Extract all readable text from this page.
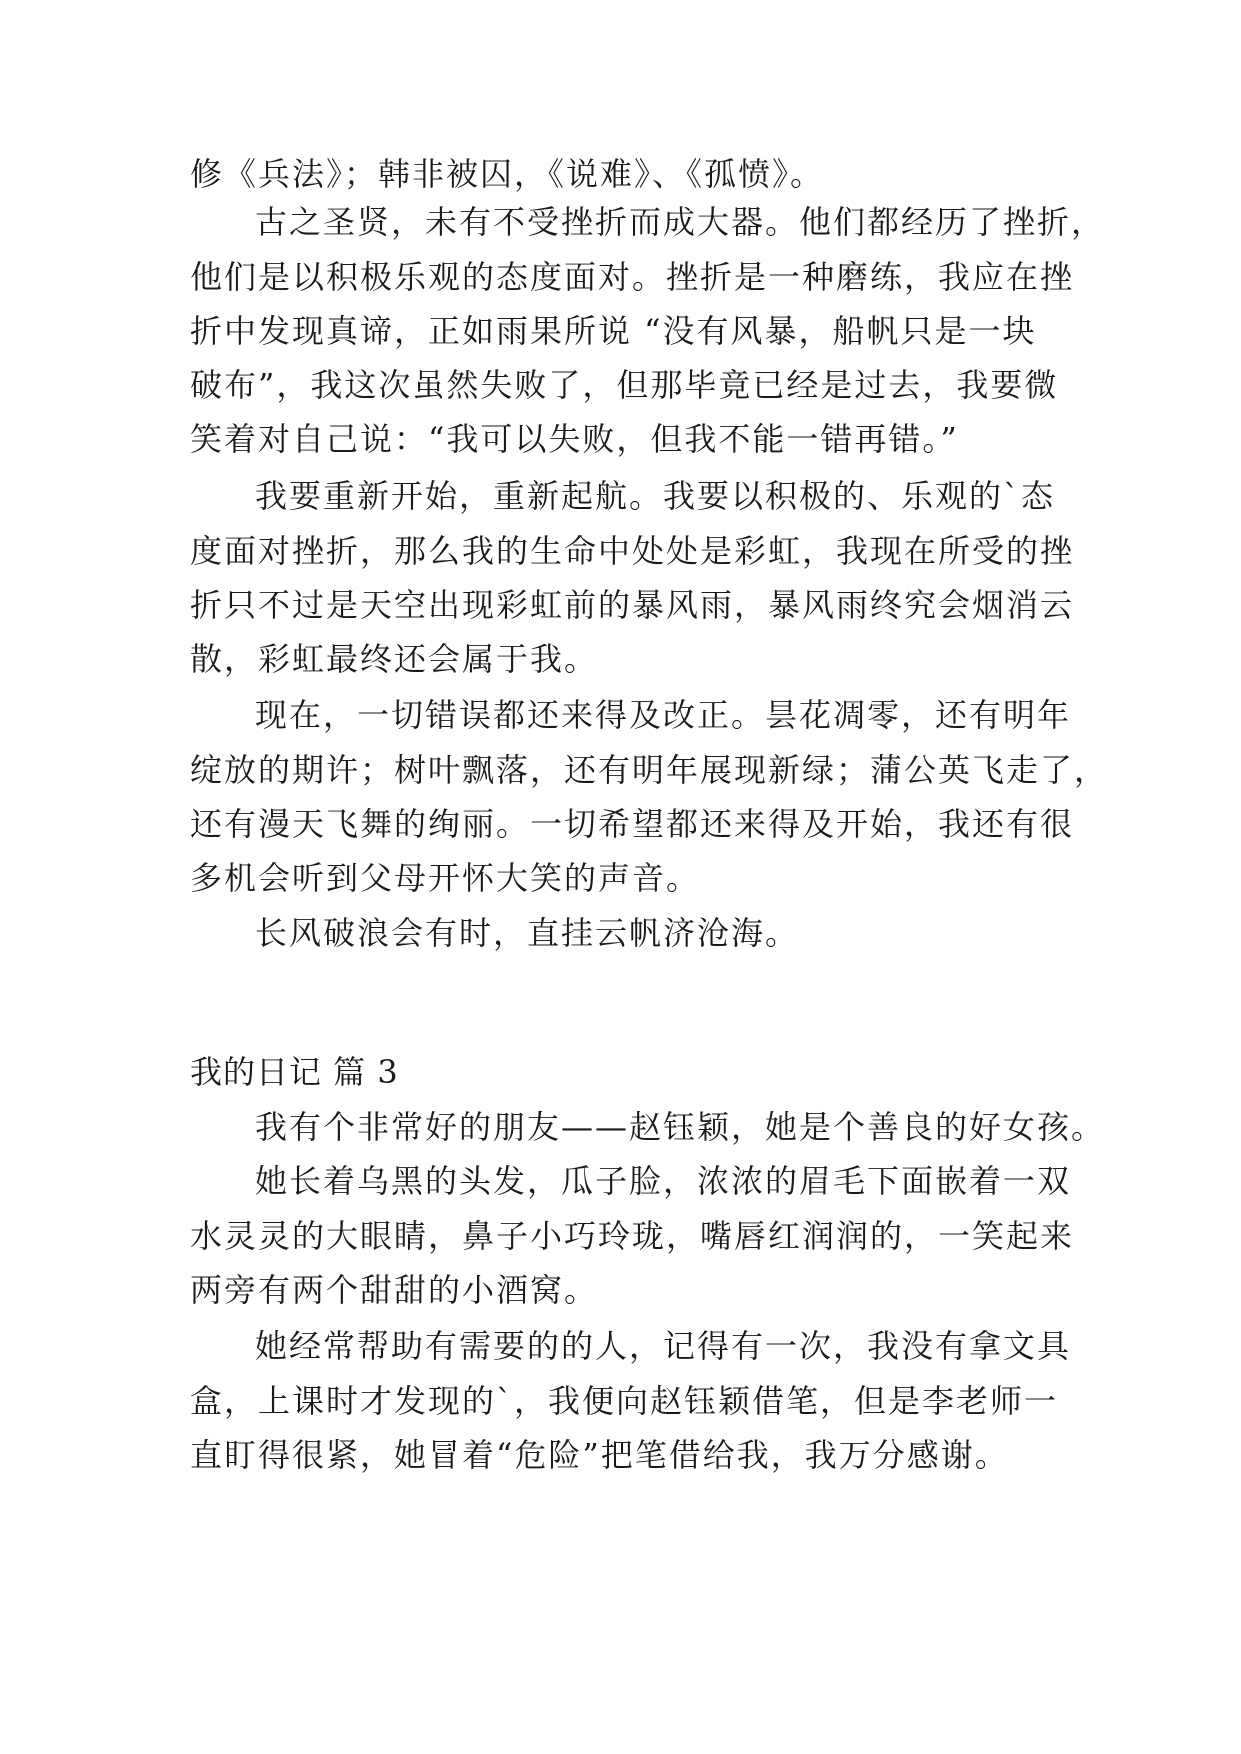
修《兵法》；韩非被囚，《说难》、《孤愤》。
古之圣贤，未有不受挫折而成大器。他们都经历了挫折，
他们是以积极乐观的态度面对。挫折是一种磨练，我应在挫
折中发现真谛，正如雨果所说 “没有风暴，船帆只是一块
破布”，我这次虽然失败了，但那毕竟已经是过去，我要微
笑着对自己说：“我可以失败，但我不能一错再错。”
我要重新开始，重新起航。我要以积极的、乐观的`态
度面对挫折，那么我的生命中处处是彩虹，我现在所受的挫
折只不过是天空出现彩虹前的暴风雨，暴风雨终究会烟消云
散，彩虹最终还会属于我。
现在，一切错误都还来得及改正。昙花凋零，还有明年
绽放的期许；树叶飘落，还有明年展现新绿；蒲公英飞走了，
还有漫天飞舞的绚丽。一切希望都还来得及开始，我还有很
多机会听到父母开怀大笑的声音。
长风破浪会有时，直挂云帆济沧海。
我的日记 篇 3
我有个非常好的朋友——赵钰颖，她是个善良的好女孩。
她长着乌黑的头发，瓜子脸，浓浓的眉毛下面嵌着一双
水灵灵的大眼睛，鼻子小巧玲珑，嘴唇红润润的，一笑起来
两旁有两个甜甜的小酒窝。
她经常帮助有需要的的人，记得有一次，我没有拿文具
盒，上课时才发现的`，我便向赵钰颖借笔，但是李老师一
直盯得很紧，她冒着“危险”把笔借给我，我万分感谢。
